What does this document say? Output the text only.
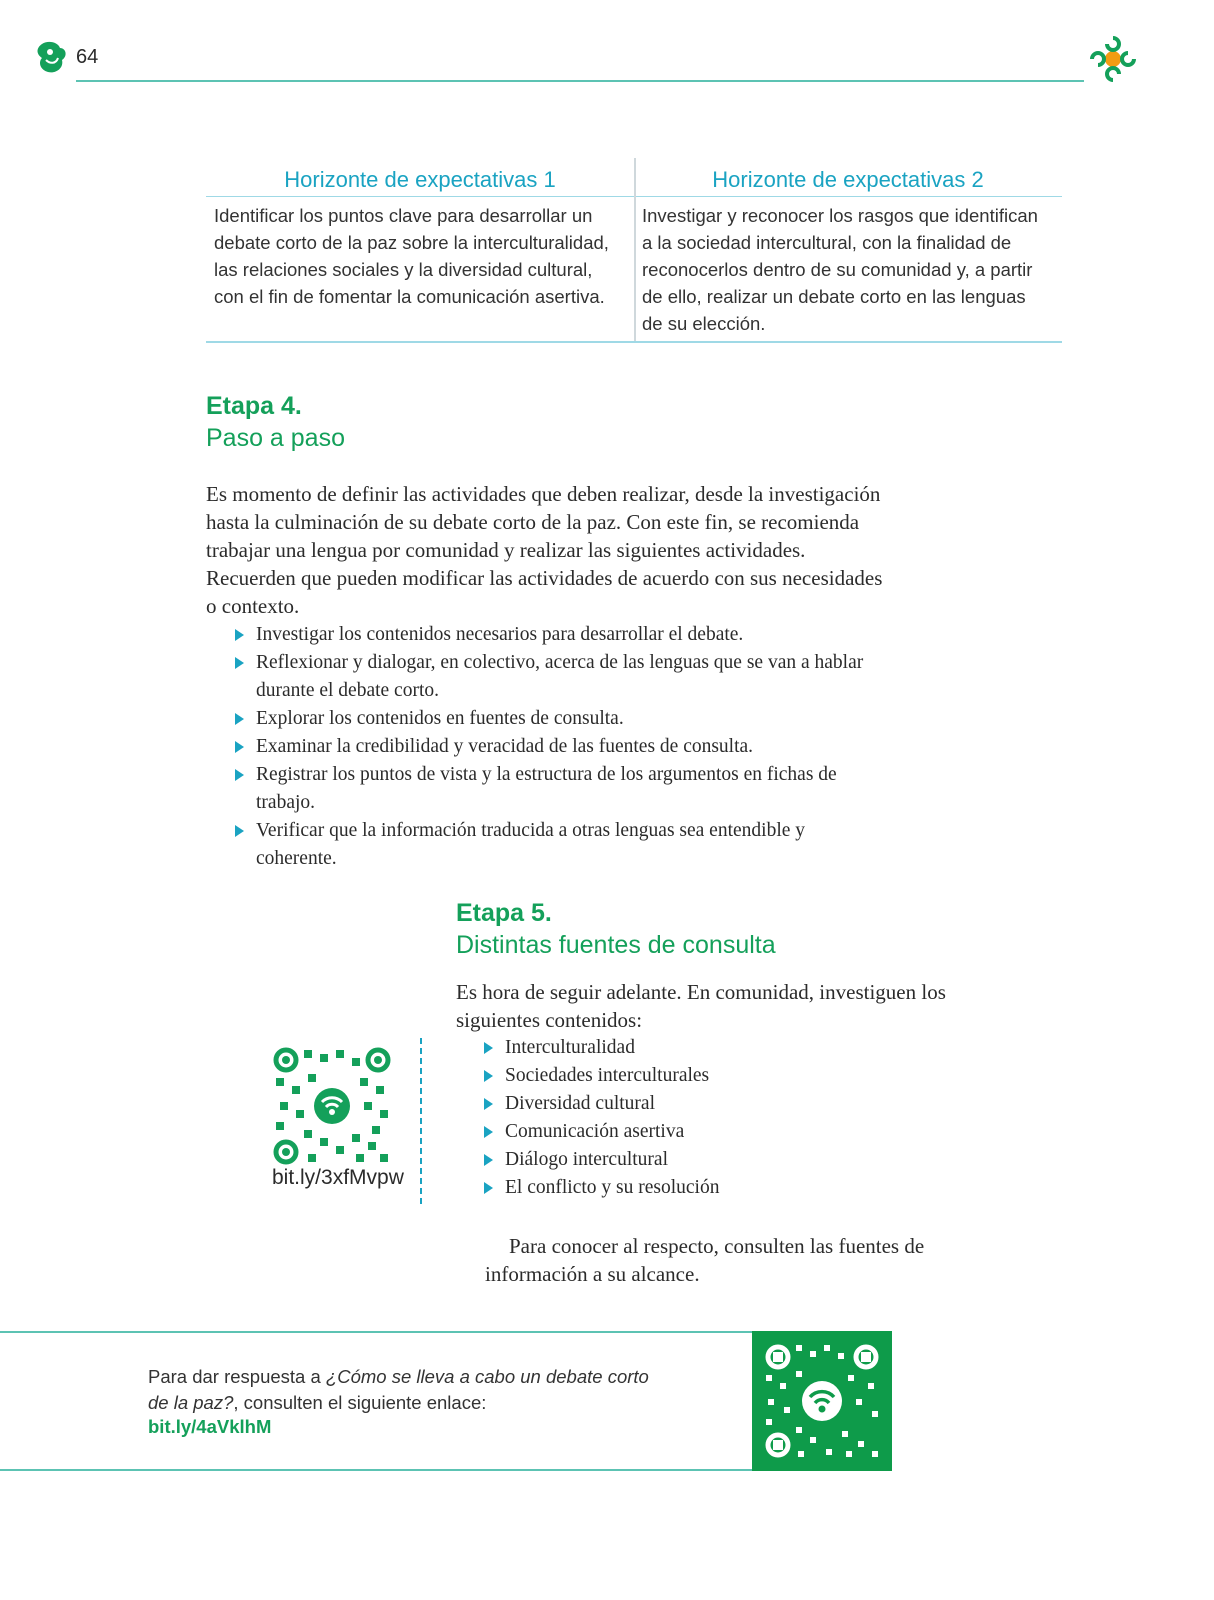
64
Horizonte de expectativas 1	Horizonte de expectativas 2
Identificar los puntos clave para desarrollar un debate corto de la paz sobre la interculturalidad, las relaciones sociales y la diversidad cultural, con el fin de fomentar la comunicación asertiva.
Investigar y reconocer los rasgos que identifican a la sociedad intercultural, con la finalidad de reconocerlos dentro de su comunidad y, a partir de ello, realizar un debate corto en las lenguas de su elección.
Etapa 4.
Paso a paso
Es momento de definir las actividades que deben realizar, desde la investigación hasta la culminación de su debate corto de la paz. Con este fin, se recomienda trabajar una lengua por comunidad y realizar las siguientes actividades. Recuerden que pueden modificar las actividades de acuerdo con sus necesidades o contexto.
Investigar los contenidos necesarios para desarrollar el debate.
Reflexionar y dialogar, en colectivo, acerca de las lenguas que se van a hablar durante el debate corto.
Explorar los contenidos en fuentes de consulta.
Examinar la credibilidad y veracidad de las fuentes de consulta.
Registrar los puntos de vista y la estructura de los argumentos en fichas de trabajo.
Verificar que la información traducida a otras lenguas sea entendible y coherente.
Etapa 5.
Distintas fuentes de consulta
Es hora de seguir adelante. En comunidad, investiguen los siguientes contenidos:
Interculturalidad
Sociedades interculturales
Diversidad cultural
Comunicación asertiva
Diálogo intercultural
El conflicto y su resolución
Para conocer al respecto, consulten las fuentes de información a su alcance.
bit.ly/3xfMvpw
Para dar respuesta a ¿Cómo se lleva a cabo un debate corto de la paz?, consulten el siguiente enlace:
bit.ly/4aVklhM
